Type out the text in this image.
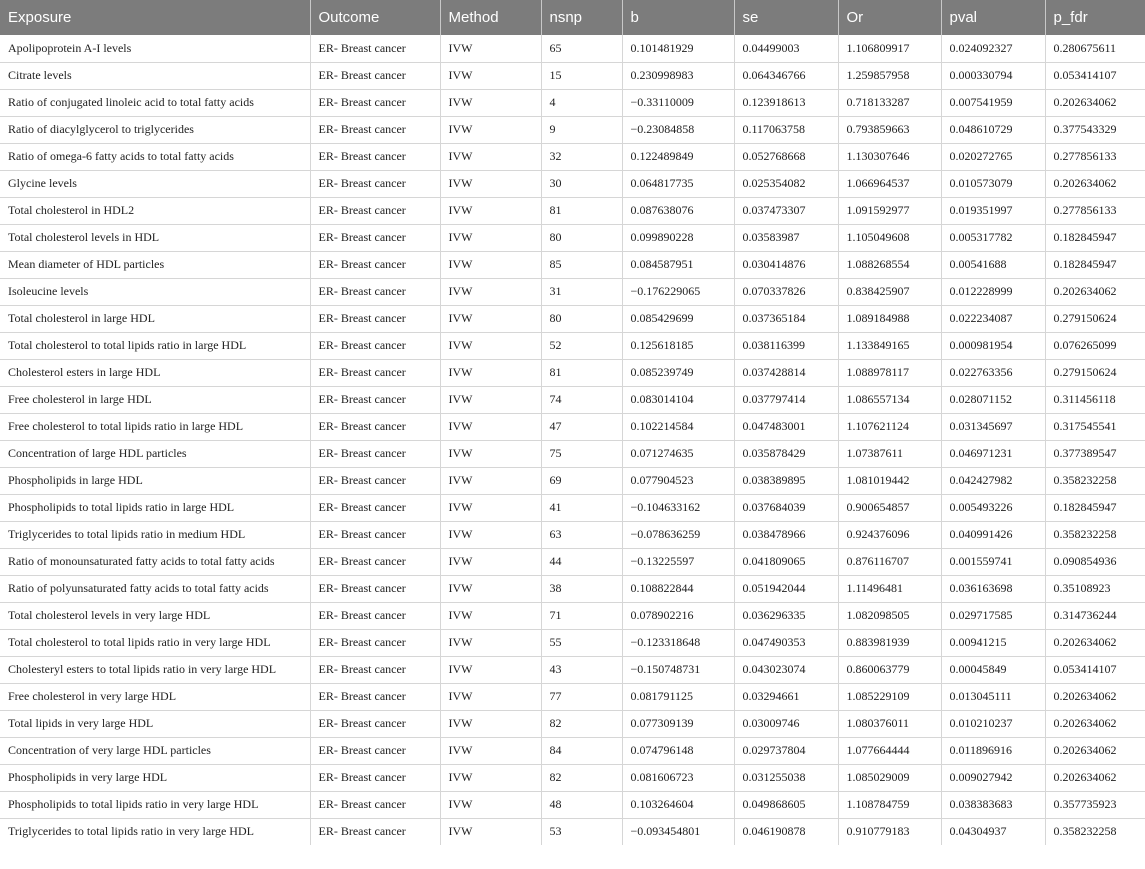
Exposure	Outcome	Method	nsnp	b	se	Or	pval	p_fdr
Apolipoprotein A-I levels	ER- Breast cancer	IVW	65	0.101481929	0.04499003	1.106809917	0.024092327	0.280675611
Citrate levels	ER- Breast cancer	IVW	15	0.230998983	0.064346766	1.259857958	0.000330794	0.053414107
Ratio of conjugated linoleic acid to total fatty acids	ER- Breast cancer	IVW	4	−0.33110009	0.123918613	0.718133287	0.007541959	0.202634062
Ratio of diacylglycerol to triglycerides	ER- Breast cancer	IVW	9	−0.23084858	0.117063758	0.793859663	0.048610729	0.377543329
Ratio of omega-6 fatty acids to total fatty acids	ER- Breast cancer	IVW	32	0.122489849	0.052768668	1.130307646	0.020272765	0.277856133
Glycine levels	ER- Breast cancer	IVW	30	0.064817735	0.025354082	1.066964537	0.010573079	0.202634062
Total cholesterol in HDL2	ER- Breast cancer	IVW	81	0.087638076	0.037473307	1.091592977	0.019351997	0.277856133
Total cholesterol levels in HDL	ER- Breast cancer	IVW	80	0.099890228	0.03583987	1.105049608	0.005317782	0.182845947
Mean diameter of HDL particles	ER- Breast cancer	IVW	85	0.084587951	0.030414876	1.088268554	0.00541688	0.182845947
Isoleucine levels	ER- Breast cancer	IVW	31	−0.176229065	0.070337826	0.838425907	0.012228999	0.202634062
Total cholesterol in large HDL	ER- Breast cancer	IVW	80	0.085429699	0.037365184	1.089184988	0.022234087	0.279150624
Total cholesterol to total lipids ratio in large HDL	ER- Breast cancer	IVW	52	0.125618185	0.038116399	1.133849165	0.000981954	0.076265099
Cholesterol esters in large HDL	ER- Breast cancer	IVW	81	0.085239749	0.037428814	1.088978117	0.022763356	0.279150624
Free cholesterol in large HDL	ER- Breast cancer	IVW	74	0.083014104	0.037797414	1.086557134	0.028071152	0.311456118
Free cholesterol to total lipids ratio in large HDL	ER- Breast cancer	IVW	47	0.102214584	0.047483001	1.107621124	0.031345697	0.317545541
Concentration of large HDL particles	ER- Breast cancer	IVW	75	0.071274635	0.035878429	1.07387611	0.046971231	0.377389547
Phospholipids in large HDL	ER- Breast cancer	IVW	69	0.077904523	0.038389895	1.081019442	0.042427982	0.358232258
Phospholipids to total lipids ratio in large HDL	ER- Breast cancer	IVW	41	−0.104633162	0.037684039	0.900654857	0.005493226	0.182845947
Triglycerides to total lipids ratio in medium HDL	ER- Breast cancer	IVW	63	−0.078636259	0.038478966	0.924376096	0.040991426	0.358232258
Ratio of monounsaturated fatty acids to total fatty acids	ER- Breast cancer	IVW	44	−0.13225597	0.041809065	0.876116707	0.001559741	0.090854936
Ratio of polyunsaturated fatty acids to total fatty acids	ER- Breast cancer	IVW	38	0.108822844	0.051942044	1.11496481	0.036163698	0.35108923
Total cholesterol levels in very large HDL	ER- Breast cancer	IVW	71	0.078902216	0.036296335	1.082098505	0.029717585	0.314736244
Total cholesterol to total lipids ratio in very large HDL	ER- Breast cancer	IVW	55	−0.123318648	0.047490353	0.883981939	0.00941215	0.202634062
Cholesteryl esters to total lipids ratio in very large HDL	ER- Breast cancer	IVW	43	−0.150748731	0.043023074	0.860063779	0.00045849	0.053414107
Free cholesterol in very large HDL	ER- Breast cancer	IVW	77	0.081791125	0.03294661	1.085229109	0.013045111	0.202634062
Total lipids in very large HDL	ER- Breast cancer	IVW	82	0.077309139	0.03009746	1.080376011	0.010210237	0.202634062
Concentration of very large HDL particles	ER- Breast cancer	IVW	84	0.074796148	0.029737804	1.077664444	0.011896916	0.202634062
Phospholipids in very large HDL	ER- Breast cancer	IVW	82	0.081606723	0.031255038	1.085029009	0.009027942	0.202634062
Phospholipids to total lipids ratio in very large HDL	ER- Breast cancer	IVW	48	0.103264604	0.049868605	1.108784759	0.038383683	0.357735923
Triglycerides to total lipids ratio in very large HDL	ER- Breast cancer	IVW	53	−0.093454801	0.046190878	0.910779183	0.04304937	0.358232258
